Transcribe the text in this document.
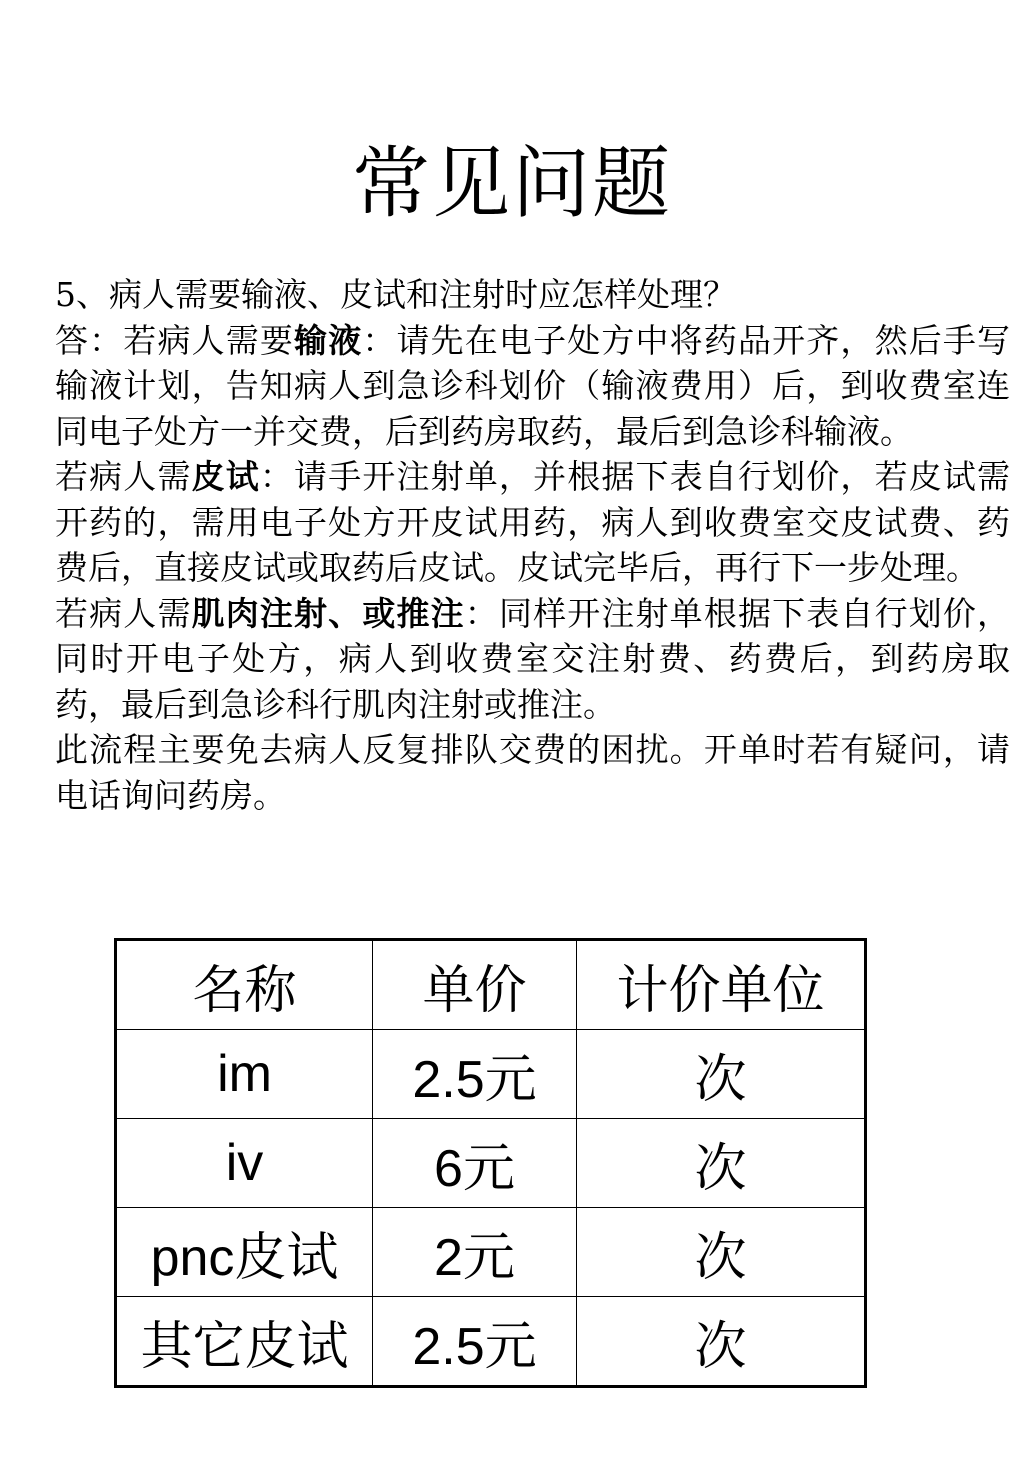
常见问题

5、病人需要输液、皮试和注射时应怎样处理？

答：若病人需要输液：请先在电子处方中将药品开齐，然后手写输液计划，告知病人到急诊科划价（输液费用）后，到收费室连同电子处方一并交费，后到药房取药，最后到急诊科输液。

若病人需皮试：请手开注射单，并根据下表自行划价，若皮试需开药的，需用电子处方开皮试用药，病人到收费室交皮试费、药费后，直接皮试或取药后皮试。皮试完毕后，再行下一步处理。

若病人需肌肉注射、或推注：同样开注射单根据下表自行划价，同时开电子处方，病人到收费室交注射费、药费后，到药房取药，最后到急诊科行肌肉注射或推注。

此流程主要免去病人反复排队交费的困扰。开单时若有疑问，请电话询问药房。

名称	单价	计价单位
im	2.5元	次
iv	6元	次
pnc皮试	2元	次
其它皮试	2.5元	次
